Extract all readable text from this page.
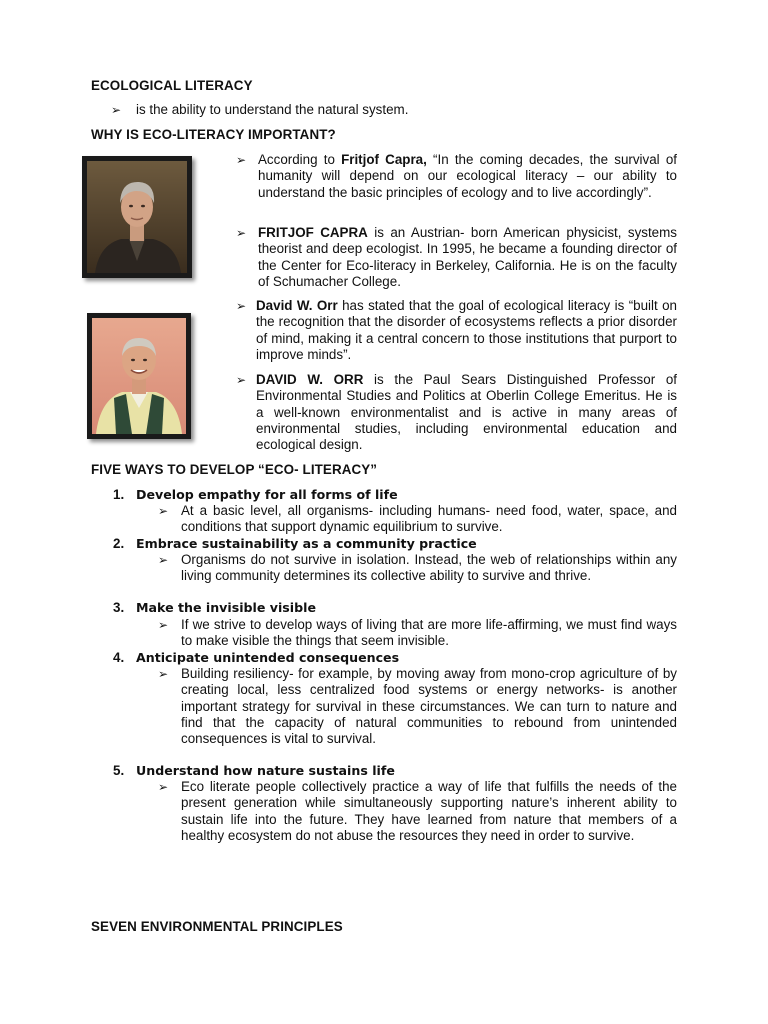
ECOLOGICAL LITERACY
➢ is the ability to understand the natural system.
WHY IS ECO-LITERACY IMPORTANT?
➢ According to Fritjof Capra, “In the coming decades, the survival of humanity will depend on our ecological literacy – our ability to understand the basic principles of ecology and to live accordingly”.
➢ FRITJOF CAPRA is an Austrian- born American physicist, systems theorist and deep ecologist. In 1995, he became a founding director of the Center for Eco-literacy in Berkeley, California. He is on the faculty of Schumacher College.
➢ David W. Orr has stated that the goal of ecological literacy is “built on the recognition that the disorder of ecosystems reflects a prior disorder of mind, making it a central concern to those institutions that purport to improve minds”.
➢ DAVID W. ORR is the Paul Sears Distinguished Professor of Environmental Studies and Politics at Oberlin College Emeritus. He is a well-known environmentalist and is active in many areas of environmental studies, including environmental education and ecological design.
FIVE WAYS TO DEVELOP “ECO- LITERACY”
1. Develop empathy for all forms of life
➢ At a basic level, all organisms- including humans- need food, water, space, and conditions that support dynamic equilibrium to survive.
2. Embrace sustainability as a community practice
➢ Organisms do not survive in isolation. Instead, the web of relationships within any living community determines its collective ability to survive and thrive.
3. Make the invisible visible
➢ If we strive to develop ways of living that are more life-affirming, we must find ways to make visible the things that seem invisible.
4. Anticipate unintended consequences
➢ Building resiliency- for example, by moving away from mono-crop agriculture of by creating local, less centralized food systems or energy networks- is another important strategy for survival in these circumstances. We can turn to nature and find that the capacity of natural communities to rebound from unintended consequences is vital to survival.
5. Understand how nature sustains life
➢ Eco literate people collectively practice a way of life that fulfills the needs of the present generation while simultaneously supporting nature’s inherent ability to sustain life into the future. They have learned from nature that members of a healthy ecosystem do not abuse the resources they need in order to survive.
SEVEN ENVIRONMENTAL PRINCIPLES
